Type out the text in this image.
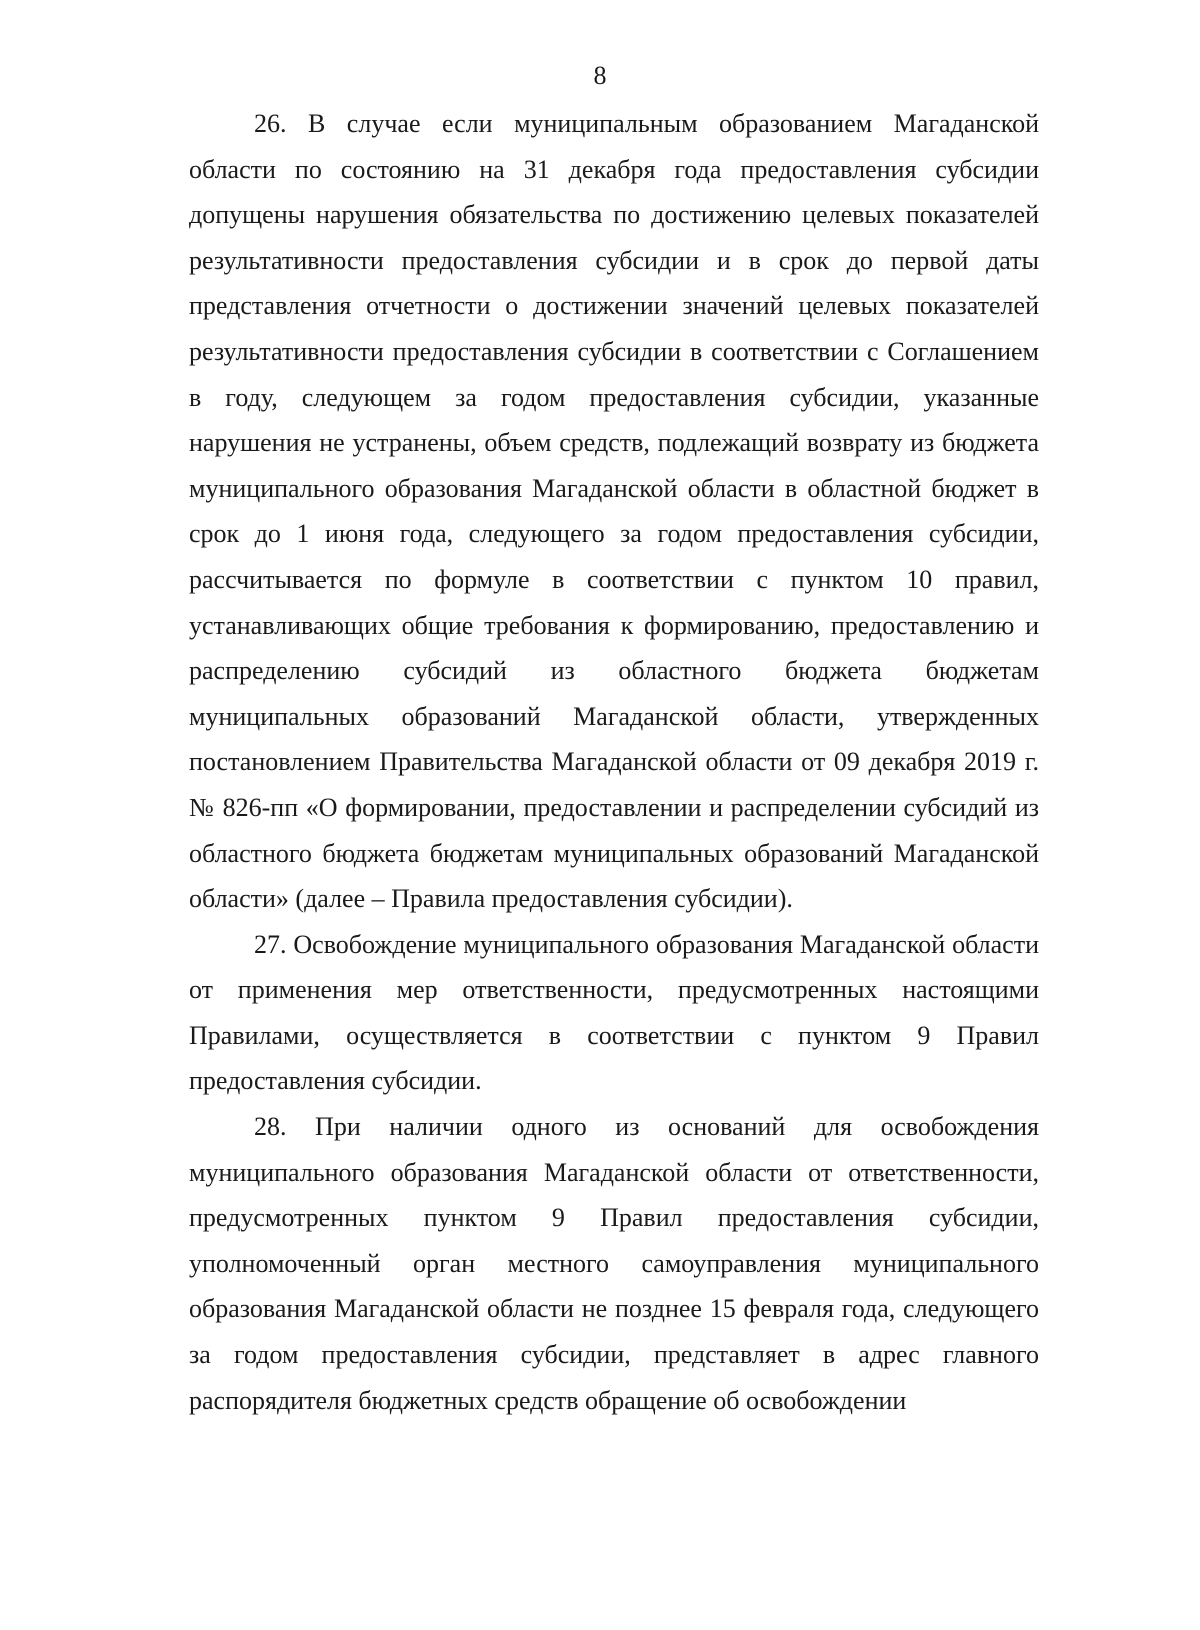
8

26. В случае если муниципальным образованием Магаданской области по состоянию на 31 декабря года предоставления субсидии допущены нарушения обязательства по достижению целевых показателей результативности предоставления субсидии и в срок до первой даты представления отчетности о достижении значений целевых показателей результативности предоставления субсидии в соответствии с Соглашением в году, следующем за годом предоставления субсидии, указанные нарушения не устранены, объем средств, подлежащий возврату из бюджета муниципального образования Магаданской области в областной бюджет в срок до 1 июня года, следующего за годом предоставления субсидии, рассчитывается по формуле в соответствии с пунктом 10 правил, устанавливающих общие требования к формированию, предоставлению и распределению субсидий из областного бюджета бюджетам муниципальных образований Магаданской области, утвержденных постановлением Правительства Магаданской области от 09 декабря 2019 г. № 826-пп «О формировании, предоставлении и распределении субсидий из областного бюджета бюджетам муниципальных образований Магаданской области» (далее – Правила предоставления субсидии).

27. Освобождение муниципального образования Магаданской области от применения мер ответственности, предусмотренных настоящими Правилами, осуществляется в соответствии с пунктом 9 Правил предоставления субсидии.

28. При наличии одного из оснований для освобождения муниципального образования Магаданской области от ответственности, предусмотренных пунктом 9 Правил предоставления субсидии, уполномоченный орган местного самоуправления муниципального образования Магаданской области не позднее 15 февраля года, следующего за годом предоставления субсидии, представляет в адрес главного распорядителя бюджетных средств обращение об освобождении
